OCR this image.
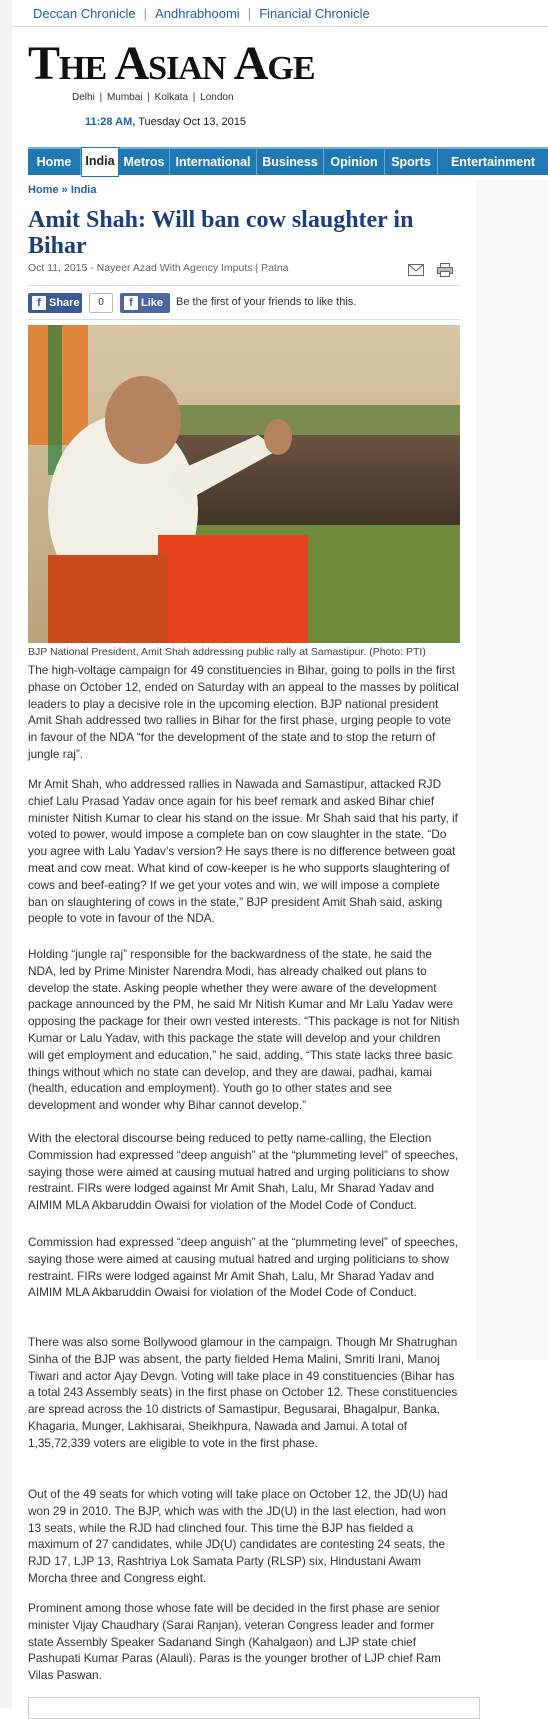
Deccan Chronicle  |  Andhrabhoomi  |  Financial Chronicle
The Asian Age
Delhi | Mumbai | Kolkata | London
11:28 AM, Tuesday Oct 13, 2015
Home	India Metros International Business	Opinion	Sports	Entertainment
Home » India
Amit Shah: Will ban cow slaughter in Bihar
Oct 11, 2015 - Nayeer Azad With Agency Imputs | Patna
f Share	0	f Like	Be the first of your friends to like this.
BJP National President, Amit Shah addressing public rally at Samastipur. (Photo: PTI)
The high-voltage campaign for 49 constituencies in Bihar, going to polls in the first phase on October 12, ended on Saturday with an appeal to the masses by political leaders to play a decisive role in the upcoming election. BJP national president Amit Shah addressed two rallies in Bihar for the first phase, urging people to vote in favour of the NDA “for the development of the state and to stop the return of jungle raj”.
Mr Amit Shah, who addressed rallies in Nawada and Samastipur, attacked RJD chief Lalu Prasad Yadav once again for his beef remark and asked Bihar chief minister Nitish Kumar to clear his stand on the issue. Mr Shah said that his party, if voted to power, would impose a complete ban on cow slaughter in the state. “Do you agree with Lalu Yadav’s version? He says there is no difference between goat meat and cow meat. What kind of cow-keeper is he who supports slaughtering of cows and beef-eating? If we get your votes and win, we will impose a complete ban on slaughtering of cows in the state,” BJP president Amit Shah said, asking people to vote in favour of the NDA.
Holding “jungle raj” responsible for the backwardness of the state, he said the NDA, led by Prime Minister Narendra Modi, has already chalked out plans to develop the state. Asking people whether they were aware of the development package announced by the PM, he said Mr Nitish Kumar and Mr Lalu Yadav were opposing the package for their own vested interests. “This package is not for Nitish Kumar or Lalu Yadav, with this package the state will develop and your children will get employment and education,” he said, adding, “This state lacks three basic things without which no state can develop, and they are dawai, padhai, kamai (health, education and employment). Youth go to other states and see development and wonder why Bihar cannot develop.”
With the electoral discourse being reduced to petty name-calling, the Election Commission had expressed “deep anguish” at the “plummeting level” of speeches, saying those were aimed at causing mutual hatred and urging politicians to show restraint. FIRs were lodged against Mr Amit Shah, Lalu, Mr Sharad Yadav and AIMIM MLA Akbaruddin Owaisi for violation of the Model Code of Conduct.
Commission had expressed “deep anguish” at the “plummeting level” of speeches, saying those were aimed at causing mutual hatred and urging politicians to show restraint. FIRs were lodged against Mr Amit Shah, Lalu, Mr Sharad Yadav and AIMIM MLA Akbaruddin Owaisi for violation of the Model Code of Conduct.
There was also some Bollywood glamour in the campaign. Though Mr Shatrughan Sinha of the BJP was absent, the party fielded Hema Malini, Smriti Irani, Manoj Tiwari and actor Ajay Devgn. Voting will take place in 49 constituencies (Bihar has a total 243 Assembly seats) in the first phase on October 12. These constituencies are spread across the 10 districts of Samastipur, Begusarai, Bhagalpur, Banka, Khagaria, Munger, Lakhisarai, Sheikhpura, Nawada and Jamui. A total of 1,35,72,339 voters are eligible to vote in the first phase.
Out of the 49 seats for which voting will take place on October 12, the JD(U) had won 29 in 2010. The BJP, which was with the JD(U) in the last election, had won 13 seats, while the RJD had clinched four. This time the BJP has fielded a maximum of 27 candidates, while JD(U) candidates are contesting 24 seats, the RJD 17, LJP 13, Rashtriya Lok Samata Party (RLSP) six, Hindustani Awam Morcha three and Congress eight.
Prominent among those whose fate will be decided in the first phase are senior minister Vijay Chaudhary (Sarai Ranjan), veteran Congress leader and former state Assembly Speaker Sadanand Singh (Kahalgaon) and LJP state chief Pashupati Kumar Paras (Alauli). Paras is the younger brother of LJP chief Ram Vilas Paswan.
